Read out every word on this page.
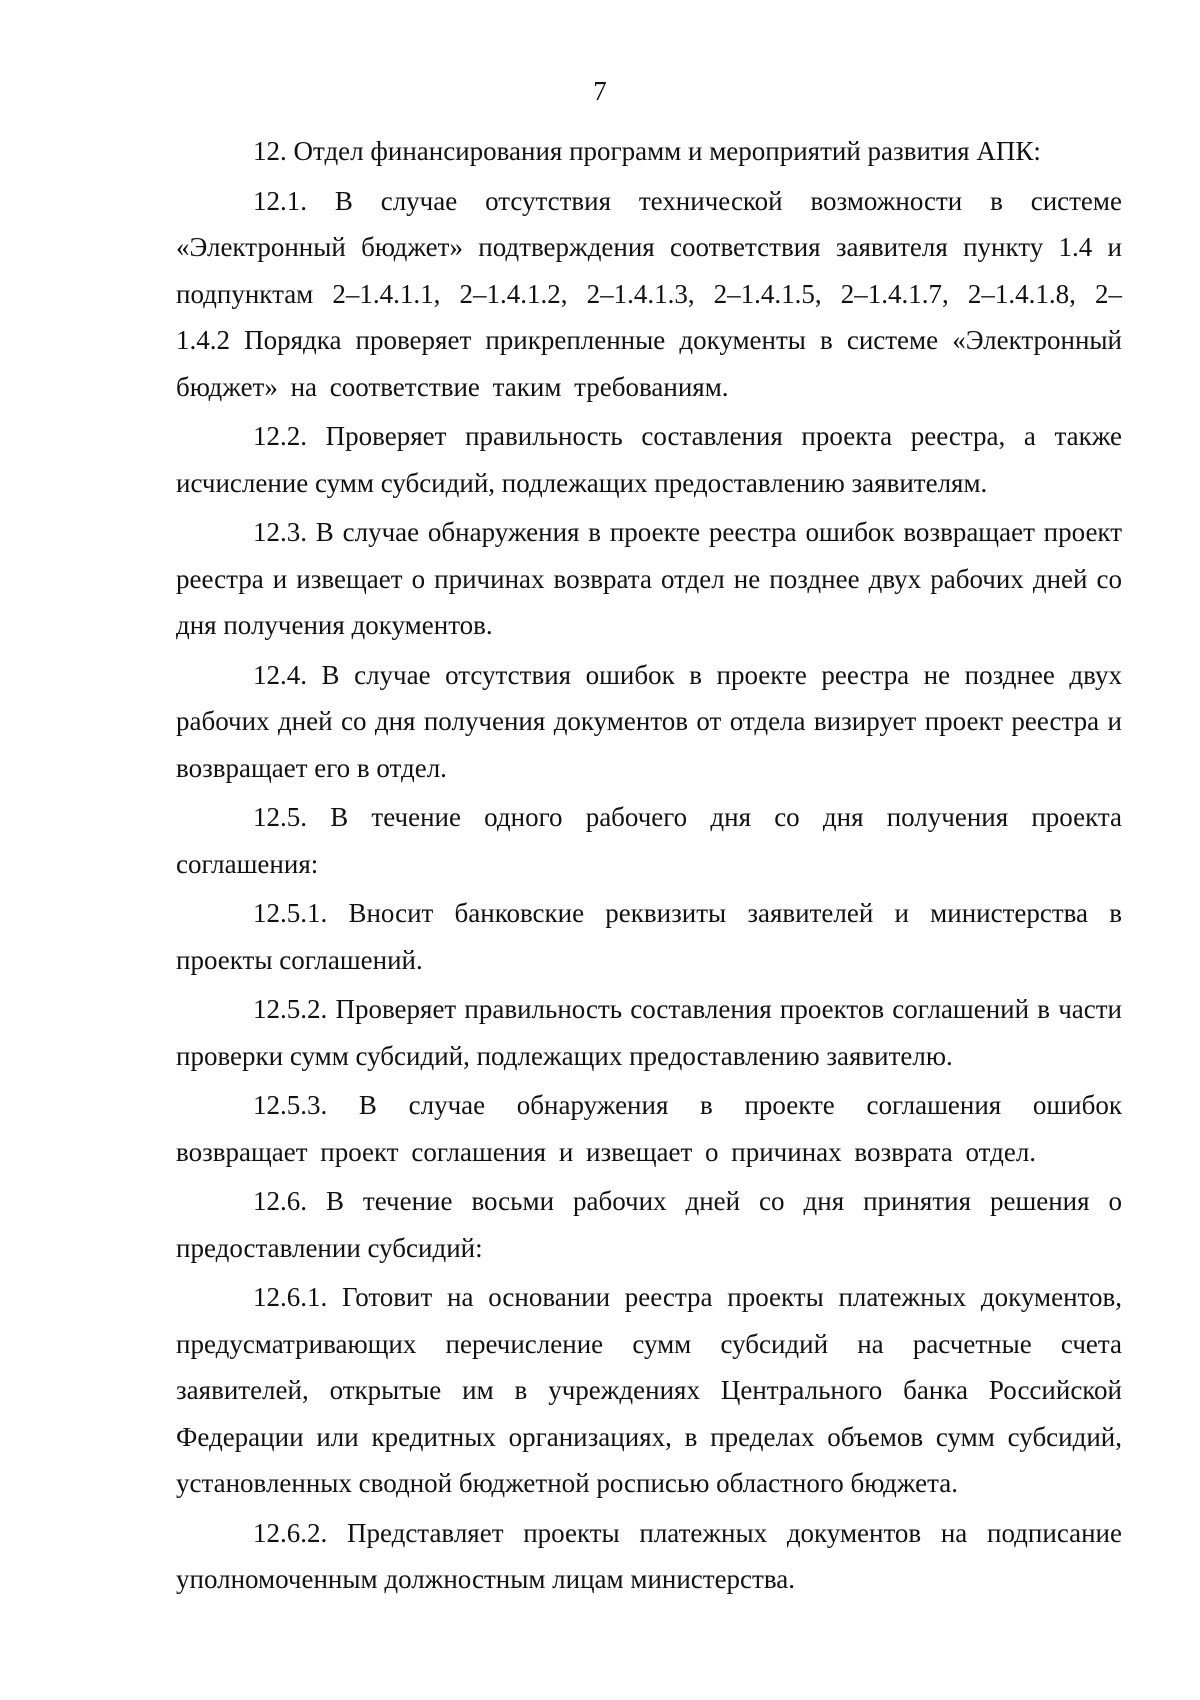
7

12. Отдел финансирования программ и мероприятий развития АПК:

12.1. В случае отсутствия технической возможности в системе «Электронный бюджет» подтверждения соответствия заявителя пункту 1.4 и подпунктам 2–1.4.1.1, 2–1.4.1.2, 2–1.4.1.3, 2–1.4.1.5, 2–1.4.1.7, 2–1.4.1.8, 2–1.4.2 Порядка проверяет прикрепленные документы в системе «Электронный бюджет» на соответствие таким требованиям.

12.2. Проверяет правильность составления проекта реестра, а также исчисление сумм субсидий, подлежащих предоставлению заявителям.

12.3. В случае обнаружения в проекте реестра ошибок возвращает проект реестра и извещает о причинах возврата отдел не позднее двух рабочих дней со дня получения документов.

12.4. В случае отсутствия ошибок в проекте реестра не позднее двух рабочих дней со дня получения документов от отдела визирует проект реестра и возвращает его в отдел.

12.5. В течение одного рабочего дня со дня получения проекта соглашения:

12.5.1. Вносит банковские реквизиты заявителей и министерства в проекты соглашений.

12.5.2. Проверяет правильность составления проектов соглашений в части проверки сумм субсидий, подлежащих предоставлению заявителю.

12.5.3. В случае обнаружения в проекте соглашения ошибок возвращает проект соглашения и извещает о причинах возврата отдел.

12.6. В течение восьми рабочих дней со дня принятия решения о предоставлении субсидий:

12.6.1. Готовит на основании реестра проекты платежных документов, предусматривающих перечисление сумм субсидий на расчетные счета заявителей, открытые им в учреждениях Центрального банка Российской Федерации или кредитных организациях, в пределах объемов сумм субсидий, установленных сводной бюджетной росписью областного бюджета.

12.6.2. Представляет проекты платежных документов на подписание уполномоченным должностным лицам министерства.
